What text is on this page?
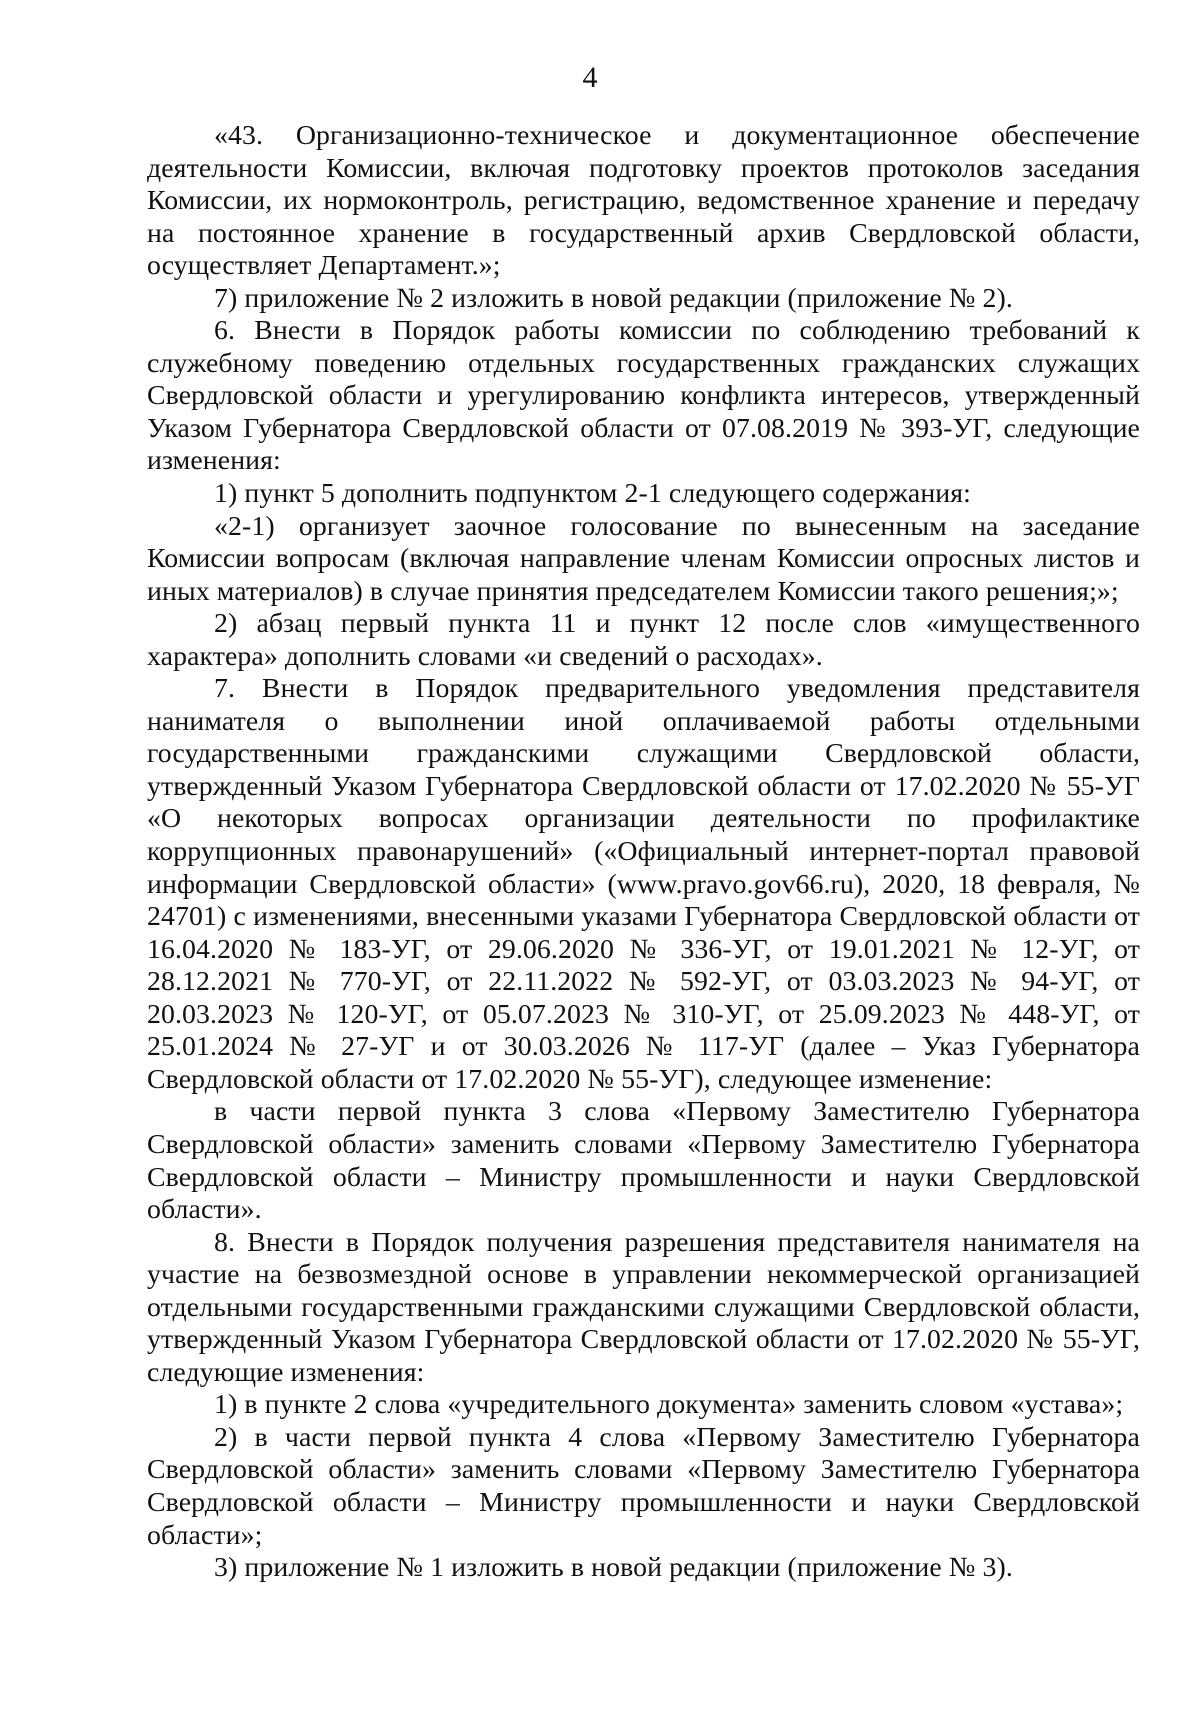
4

«43. Организационно-техническое и документационное обеспечение деятельности Комиссии, включая подготовку проектов протоколов заседания Комиссии, их нормоконтроль, регистрацию, ведомственное хранение и передачу на постоянное хранение в государственный архив Свердловской области, осуществляет Департамент.»;

7) приложение № 2 изложить в новой редакции (приложение № 2).

6. Внести в Порядок работы комиссии по соблюдению требований к служебному поведению отдельных государственных гражданских служащих Свердловской области и урегулированию конфликта интересов, утвержденный Указом Губернатора Свердловской области от 07.08.2019 № 393-УГ, следующие изменения:

1) пункт 5 дополнить подпунктом 2-1 следующего содержания:

«2-1) организует заочное голосование по вынесенным на заседание Комиссии вопросам (включая направление членам Комиссии опросных листов и иных материалов) в случае принятия председателем Комиссии такого решения;»;

2) абзац первый пункта 11 и пункт 12 после слов «имущественного характера» дополнить словами «и сведений о расходах».

7. Внести в Порядок предварительного уведомления представителя нанимателя о выполнении иной оплачиваемой работы отдельными государственными гражданскими служащими Свердловской области, утвержденный Указом Губернатора Свердловской области от 17.02.2020 № 55-УГ «О некоторых вопросах организации деятельности по профилактике коррупционных правонарушений» («Официальный интернет-портал правовой информации Свердловской области» (www.pravo.gov66.ru), 2020, 18 февраля, № 24701) с изменениями, внесенными указами Губернатора Свердловской области от 16.04.2020 № 183-УГ, от 29.06.2020 № 336-УГ, от 19.01.2021 № 12-УГ, от 28.12.2021 № 770-УГ, от 22.11.2022 № 592-УГ, от 03.03.2023 № 94-УГ, от 20.03.2023 № 120-УГ, от 05.07.2023 № 310-УГ, от 25.09.2023 № 448-УГ, от 25.01.2024 № 27-УГ и от 30.03.2026 № 117-УГ (далее – Указ Губернатора Свердловской области от 17.02.2020 № 55-УГ), следующее изменение:

в части первой пункта 3 слова «Первому Заместителю Губернатора Свердловской области» заменить словами «Первому Заместителю Губернатора Свердловской области – Министру промышленности и науки Свердловской области».

8. Внести в Порядок получения разрешения представителя нанимателя на участие на безвозмездной основе в управлении некоммерческой организацией отдельными государственными гражданскими служащими Свердловской области, утвержденный Указом Губернатора Свердловской области от 17.02.2020 № 55-УГ, следующие изменения:

1) в пункте 2 слова «учредительного документа» заменить словом «устава»;

2) в части первой пункта 4 слова «Первому Заместителю Губернатора Свердловской области» заменить словами «Первому Заместителю Губернатора Свердловской области – Министру промышленности и науки Свердловской области»;

3) приложение № 1 изложить в новой редакции (приложение № 3).
